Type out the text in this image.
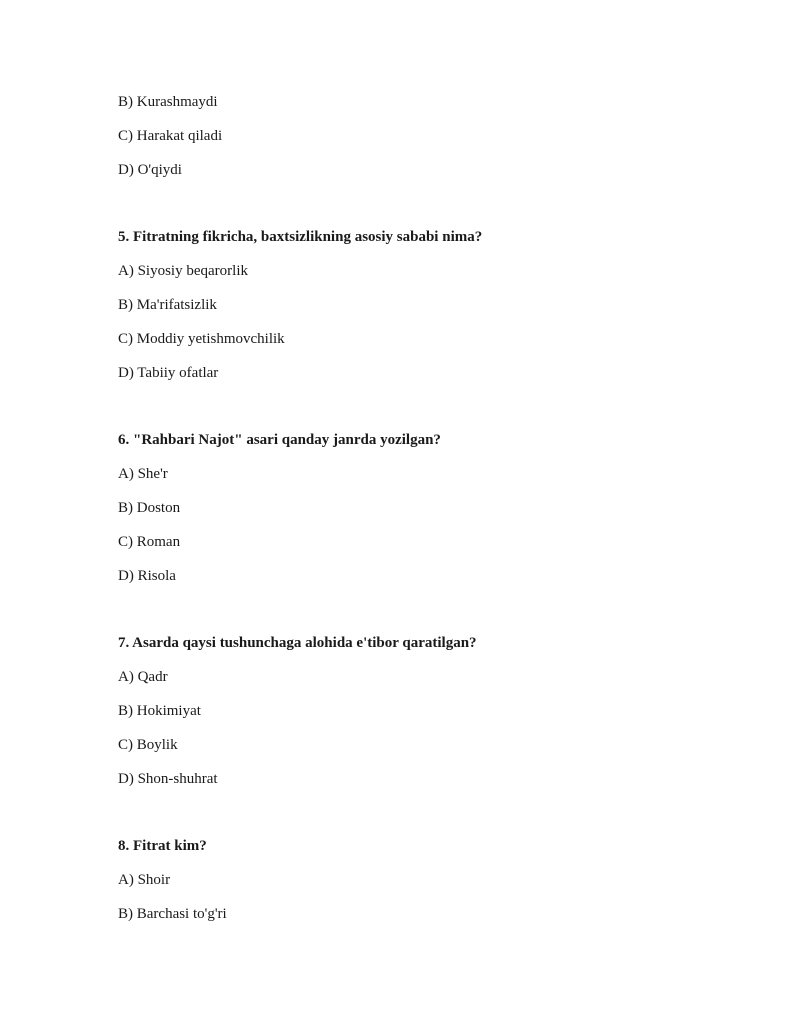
B) Kurashmaydi
C) Harakat qiladi
D) O'qiydi
5. Fitratning fikricha, baxtsizlikning asosiy sababi nima?
A) Siyosiy beqarorlik
B) Ma'rifatsizlik
C) Moddiy yetishmovchilik
D) Tabiiy ofatlar
6. "Rahbari Najot" asari qanday janrda yozilgan?
A) She'r
B) Doston
C) Roman
D) Risola
7. Asarda qaysi tushunchaga alohida e'tibor qaratilgan?
A) Qadr
B) Hokimiyat
C) Boylik
D) Shon-shuhrat
8. Fitrat kim?
A) Shoir
B) Barchasi to'g'ri
